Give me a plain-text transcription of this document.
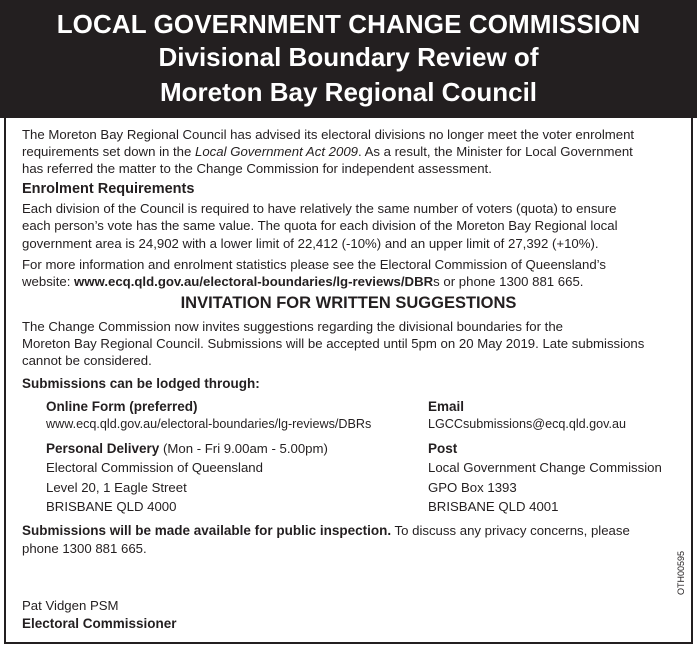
LOCAL GOVERNMENT CHANGE COMMISSION
Divisional Boundary Review of
Moreton Bay Regional Council
The Moreton Bay Regional Council has advised its electoral divisions no longer meet the voter enrolment
requirements set down in the Local Government Act 2009. As a result, the Minister for Local Government
has referred the matter to the Change Commission for independent assessment.
Enrolment Requirements
Each division of the Council is required to have relatively the same number of voters (quota) to ensure
each person’s vote has the same value. The quota for each division of the Moreton Bay Regional local
government area is 24,902 with a lower limit of 22,412 (-10%) and an upper limit of 27,392 (+10%).
For more information and enrolment statistics please see the Electoral Commission of Queensland’s
website: www.ecq.qld.gov.au/electoral-boundaries/lg-reviews/DBRs or phone 1300 881 665.
INVITATION FOR WRITTEN SUGGESTIONS
The Change Commission now invites suggestions regarding the divisional boundaries for the
Moreton Bay Regional Council. Submissions will be accepted until 5pm on 20 May 2019. Late submissions
cannot be considered.
Submissions can be lodged through:
Online Form (preferred)
www.ecq.qld.gov.au/electoral-boundaries/lg-reviews/DBRs
Email
LGCCsubmissions@ecq.qld.gov.au
Personal Delivery (Mon - Fri 9.00am - 5.00pm)
Electoral Commission of Queensland
Level 20, 1 Eagle Street
BRISBANE QLD 4000
Post
Local Government Change Commission
GPO Box 1393
BRISBANE QLD 4001
Submissions will be made available for public inspection. To discuss any privacy concerns, please
phone 1300 881 665.
Pat Vidgen PSM
Electoral Commissioner
OTH00595
